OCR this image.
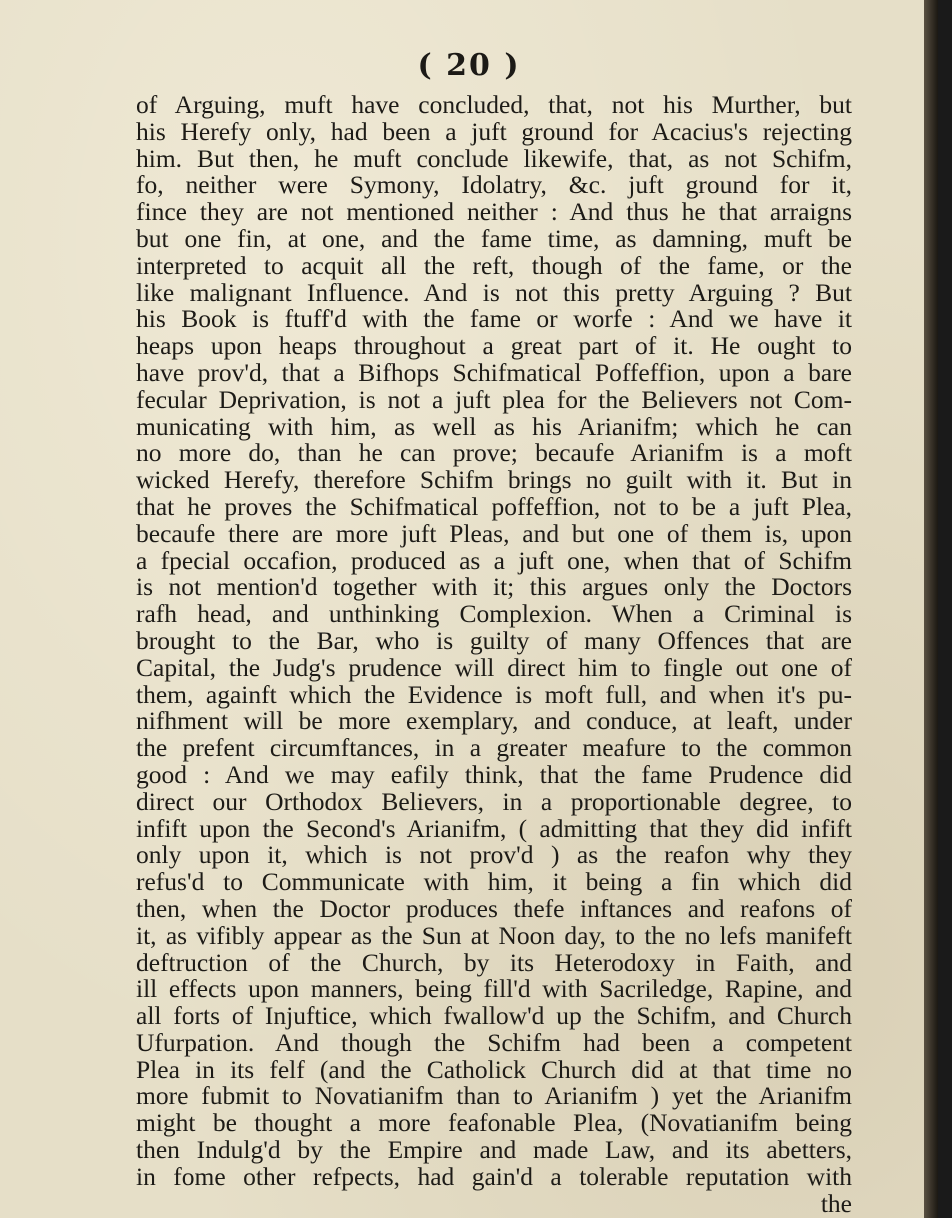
( 20 )
of Arguing, muft have concluded, that, not his Murther, but
his Herefy only, had been a juft ground for Acacius's rejecting
him. But then, he muft conclude likewife, that, as not Schifm,
fo, neither were Symony, Idolatry, &c. juft ground for it,
fince they are not mentioned neither : And thus he that arraigns
but one fin, at one, and the fame time, as damning, muft be
interpreted to acquit all the reft, though of the fame, or the
like malignant Influence. And is not this pretty Arguing ? But
his Book is ftuff'd with the fame or worfe : And we have it
heaps upon heaps throughout a great part of it. He ought to
have prov'd, that a Bifhops Schifmatical Poffeffion, upon a bare
fecular Deprivation, is not a juft plea for the Believers not Com-
municating with him, as well as his Arianifm; which he can
no more do, than he can prove; becaufe Arianifm is a moft
wicked Herefy, therefore Schifm brings no guilt with it. But in
that he proves the Schifmatical poffeffion, not to be a juft Plea,
becaufe there are more juft Pleas, and but one of them is, upon
a fpecial occafion, produced as a juft one, when that of Schifm
is not mention'd together with it; this argues only the Doctors
rafh head, and unthinking Complexion. When a Criminal is
brought to the Bar, who is guilty of many Offences that are
Capital, the Judg's prudence will direct him to fingle out one of
them, againft which the Evidence is moft full, and when it's pu-
nifhment will be more exemplary, and conduce, at leaft, under
the prefent circumftances, in a greater meafure to the common
good : And we may eafily think, that the fame Prudence did
direct our Orthodox Believers, in a proportionable degree, to
infift upon the Second's Arianifm, ( admitting that they did infift
only upon it, which is not prov'd ) as the reafon why they
refus'd to Communicate with him, it being a fin which did
then, when the Doctor produces thefe inftances and reafons of
it, as vifibly appear as the Sun at Noon day, to the no lefs manifeft
deftruction of the Church, by its Heterodoxy in Faith, and
ill effects upon manners, being fill'd with Sacriledge, Rapine, and
all forts of Injuftice, which fwallow'd up the Schifm, and Church
Ufurpation. And though the Schifm had been a competent
Plea in its felf (and the Catholick Church did at that time no
more fubmit to Novatianifm than to Arianifm ) yet the Arianifm
might be thought a more feafonable Plea, (Novatianifm being
then Indulg'd by the Empire and made Law, and its abetters,
in fome other refpects, had gain'd a tolerable reputation with
the
